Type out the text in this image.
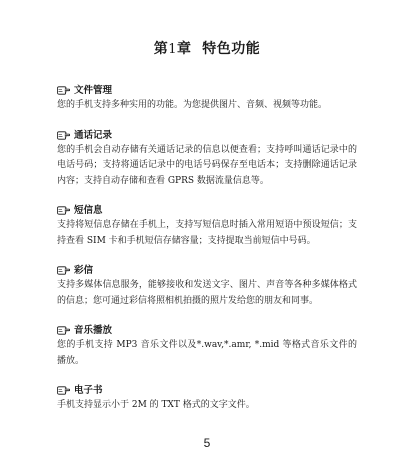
第1章  特色功能
文件管理
您的手机支持多种实用的功能。为您提供图片、音频、视频等功能。
通话记录
您的手机会自动存储有关通话记录的信息以便查看；支持呼叫通话记录中的电话号码；支持将通话记录中的电话号码保存至电话本；支持删除通话记录内容；支持自动存储和查看 GPRS 数据流量信息等。
短信息
支持将短信息存储在手机上，支持写短信息时插入常用短语中预设短信；支持查看 SIM 卡和手机短信存储容量；支持提取当前短信中号码。
彩信
支持多媒体信息服务，能够接收和发送文字、图片、声音等各种多媒体格式的信息；您可通过彩信将照相机拍摄的照片发给您的朋友和同事。
音乐播放
您的手机支持 MP3 音乐文件以及*.wav,*.amr, *.mid 等格式音乐文件的播放。
电子书
手机支持显示小于 2M 的 TXT 格式的文字文件。
5
